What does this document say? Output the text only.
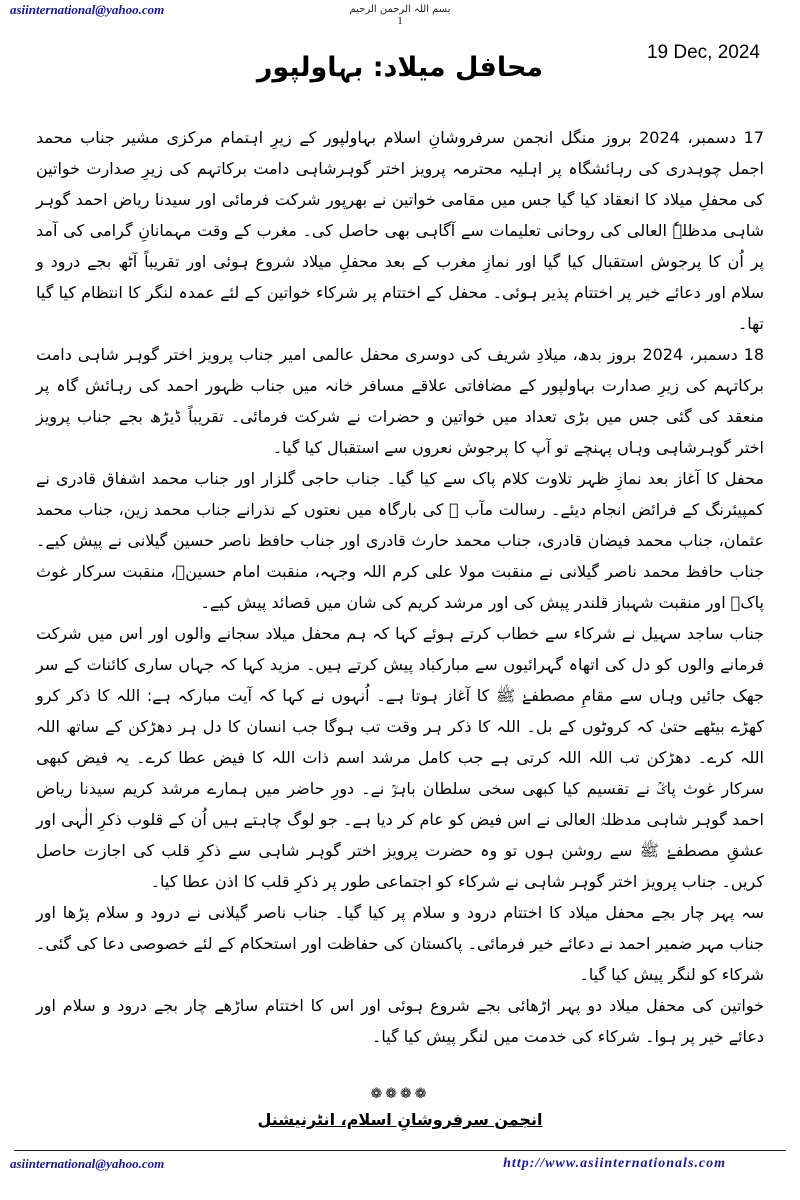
asiinternational@yahoo.com	بسم اللہ الرحمن الرحیم
1
19 Dec, 2024
محافل میلاد: بہاولپور

17 دسمبر، 2024 بروز منگل انجمن سرفروشانِ اسلام بہاولپور کے زیرِ اہتمام مرکزی مشیر جناب محمد اجمل چوہدری کی رہائشگاہ پر اہلیہ محترمہ پرویز اختر گوہرشاہی دامت برکاتہم کی زیرِ صدارت خواتین کی محفلِ میلاد کا انعقاد کیا گیا جس میں مقامی خواتین نے بھرپور شرکت فرمائی اور سیدنا ریاض احمد گوہر شاہی مدظلہٗ العالی کی روحانی تعلیمات سے آگاہی بھی حاصل کی۔ مغرب کے وقت مہمانانِ گرامی کی آمد پر اُن کا پرجوش استقبال کیا گیا اور نمازِ مغرب کے بعد محفلِ میلاد شروع ہوئی اور تقریباً آٹھ بجے درود و سلام اور دعائے خیر پر اختتام پذیر ہوئی۔ محفل کے اختتام پر شرکاء خواتین کے لئے عمدہ لنگر کا انتظام کیا گیا تھا۔

18 دسمبر، 2024 بروز بدھ، میلادِ شریف کی دوسری محفل عالمی امیر جناب پرویز اختر گوہر شاہی دامت برکاتہم کی زیرِ صدارت بہاولپور کے مضافاتی علاقے مسافر خانہ میں جناب ظہور احمد کی رہائش گاہ پر منعقد کی گئی جس میں بڑی تعداد میں خواتین و حضرات نے شرکت فرمائی۔ تقریباً ڈیڑھ بجے جناب پرویز اختر گوہرشاہی وہاں پہنچے تو آپ کا پرجوش نعروں سے استقبال کیا گیا۔

محفل کا آغاز بعد نمازِ ظہر تلاوت کلام پاک سے کیا گیا۔ جناب حاجی گلزار اور جناب محمد اشفاق قادری نے کمپیئرنگ کے فرائض انجام دیئے۔ رسالت مآب ﷺ کی بارگاہ میں نعتوں کے نذرانے جناب محمد زین، جناب محمد عثمان، جناب محمد فیضان قادری، جناب محمد حارث قادری اور جناب حافظ ناصر حسین گیلانی نے پیش کیے۔ جناب حافظ محمد ناصر گیلانی نے منقبت مولا علی کرم اللہ وجہہ، منقبت امام حسینؑ، منقبت سرکار غوث پاکؒ اور منقبت شہباز قلندر پیش کی اور مرشد کریم کی شان میں قصائد پیش کیے۔

جناب ساجد سہیل نے شرکاء سے خطاب کرتے ہوئے کہا کہ ہم محفل میلاد سجانے والوں اور اس میں شرکت فرمانے والوں کو دل کی اتھاہ گہرائیوں سے مبارکباد پیش کرتے ہیں۔ مزید کہا کہ جہاں ساری کائنات کے سر جھک جائیں وہاں سے مقامِ مصطفےٰ ﷺ کا آغاز ہوتا ہے۔ اُنہوں نے کہا کہ آیت مبارکہ ہے: اللہ کا ذکر کرو کھڑے بیٹھے حتیٰ کہ کروٹوں کے بل۔ اللہ کا ذکر ہر وقت تب ہوگا جب انسان کا دل ہر دھڑکن کے ساتھ اللہ اللہ کرے۔ دھڑکن تب اللہ اللہ کرتی ہے جب کامل مرشد اسم ذات اللہ کا فیض عطا کرے۔ یہ فیض کبھی سرکار غوث پاکؒ نے تقسیم کیا کبھی سخی سلطان باہوؒ نے۔ دورِ حاضر میں ہمارے مرشد کریم سیدنا ریاض احمد گوہر شاہی مدظلہٗ العالی نے اس فیض کو عام کر دیا ہے۔ جو لوگ چاہتے ہیں اُن کے قلوب ذکرِ الٰہی اور عشقِ مصطفےٰ ﷺ سے روشن ہوں تو وہ حضرت پرویز اختر گوہر شاہی سے ذکرِ قلب کی اجازت حاصل کریں۔ جناب پرویز اختر گوہر شاہی نے شرکاء کو اجتماعی طور پر ذکرِ قلب کا اذن عطا کیا۔

سہ پہر چار بجے محفل میلاد کا اختتام درود و سلام پر کیا گیا۔ جناب ناصر گیلانی نے درود و سلام پڑھا اور جناب مہر ضمیر احمد نے دعائے خیر فرمائی۔ پاکستان کی حفاظت اور استحکام کے لئے خصوصی دعا کی گئی۔ شرکاء کو لنگر پیش کیا گیا۔

خواتین کی محفل میلاد دو پہر اڑھائی بجے شروع ہوئی اور اس کا اختتام ساڑھے چار بجے درود و سلام اور دعائے خیر پر ہوا۔ شرکاء کی خدمت میں لنگر پیش کیا گیا۔

❁❁❁❁
انجمن سرفروشانِ اسلام، انٹرنیشنل
asiinternational@yahoo.com	http://www.asiinternationals.com
